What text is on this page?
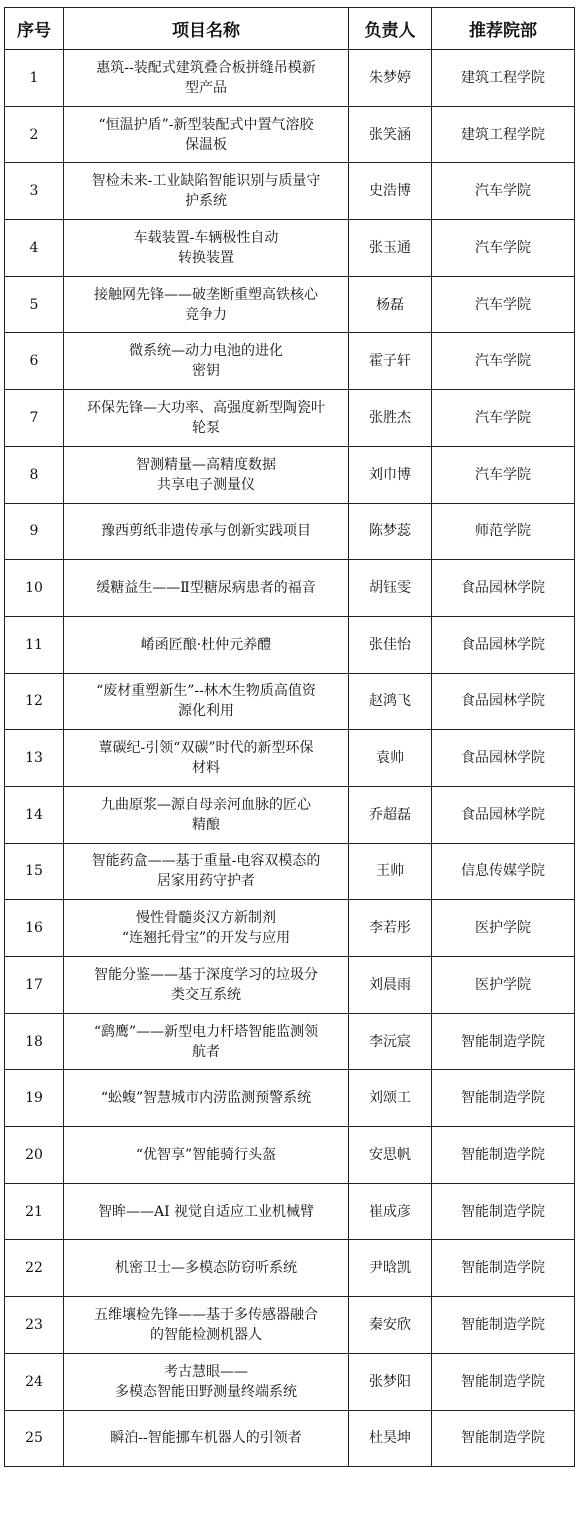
序号	项目名称	负责人	推荐院部
1	惠筑--装配式建筑叠合板拼缝吊模新
型产品	朱梦婷	建筑工程学院
2	“恒温护盾”-新型装配式中置气溶胶
保温板	张笑涵	建筑工程学院
3	智检未来-工业缺陷智能识别与质量守
护系统	史浩博	汽车学院
4	车载装置-车辆极性自动
转换装置	张玉通	汽车学院
5	接触网先锋——破垄断重塑高铁核心
竞争力	杨磊	汽车学院
6	微系统—动力电池的进化
密钥	霍子轩	汽车学院
7	环保先锋—大功率、高强度新型陶瓷叶
轮泵	张胜杰	汽车学院
8	智测精量—高精度数据
共享电子测量仪	刘巾博	汽车学院
9	豫西剪纸非遗传承与创新实践项目	陈梦蕊	师范学院
10	缓糖益生——Ⅱ型糖尿病患者的福音	胡钰雯	食品园林学院
11	崤函匠酿·杜仲元养醴	张佳怡	食品园林学院
12	“废材重塑新生”--林木生物质高值资
源化利用	赵鸿飞	食品园林学院
13	蕈碳纪-引领“双碳”时代的新型环保
材料	袁帅	食品园林学院
14	九曲原浆—源自母亲河血脉的匠心
精酿	乔超磊	食品园林学院
15	智能药盒——基于重量-电容双模态的
居家用药守护者	王帅	信息传媒学院
16	慢性骨髓炎汉方新制剂
“连翘托骨宝”的开发与应用	李若彤	医护学院
17	智能分鉴——基于深度学习的垃圾分
类交互系统	刘晨雨	医护学院
18	“鹞鹰”——新型电力杆塔智能监测领
航者	李沅宸	智能制造学院
19	“蚣蝮”智慧城市内涝监测预警系统	刘颂工	智能制造学院
20	“优智享”智能骑行头盔	安思帆	智能制造学院
21	智眸——AI 视觉自适应工业机械臂	崔成彦	智能制造学院
22	机密卫士—多模态防窃听系统	尹晗凯	智能制造学院
23	五维壤检先锋——基于多传感器融合
的智能检测机器人	秦安欣	智能制造学院
24	考古慧眼——
多模态智能田野测量终端系统	张梦阳	智能制造学院
25	瞬泊--智能挪车机器人的引领者	杜昊坤	智能制造学院
